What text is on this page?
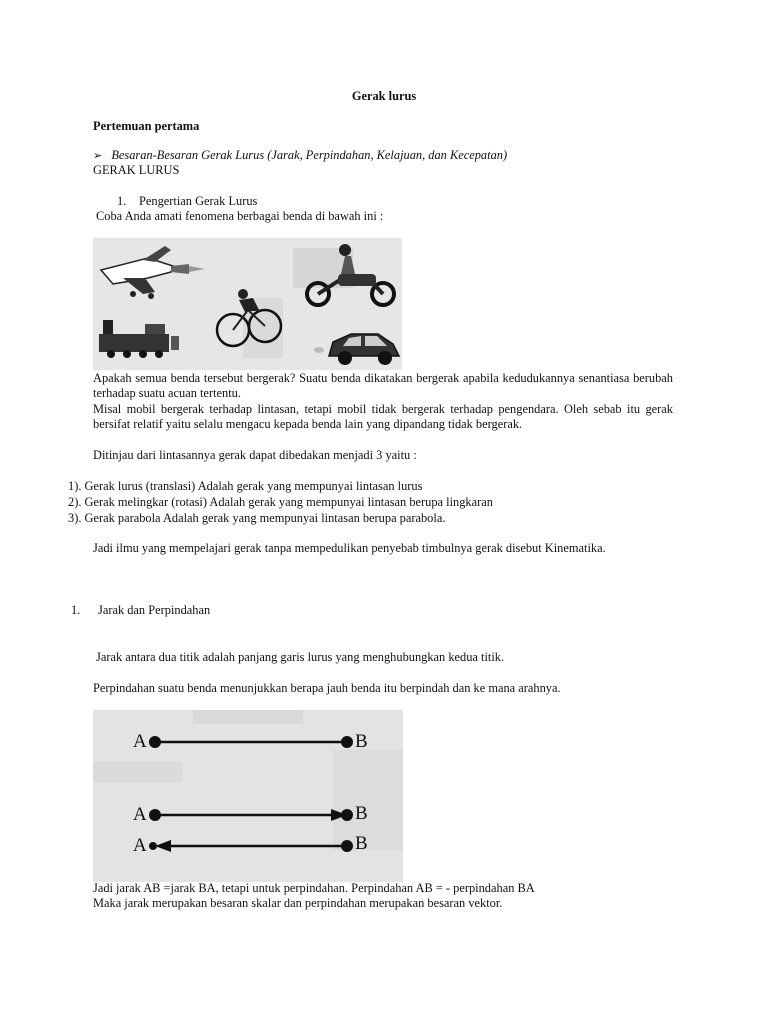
Gerak lurus
Pertemuan pertama
➢ Besaran-Besaran Gerak Lurus (Jarak, Perpindahan, Kelajuan, dan Kecepatan)
GERAK LURUS
1. Pengertian Gerak Lurus
Coba Anda amati fenomena berbagai benda di bawah ini :
Apakah semua benda tersebut bergerak? Suatu benda dikatakan bergerak apabila kedudukannya senantiasa berubah terhadap suatu acuan tertentu.
Misal mobil bergerak terhadap lintasan, tetapi mobil tidak bergerak terhadap pengendara. Oleh sebab itu gerak bersifat relatif yaitu selalu mengacu kepada benda lain yang dipandang tidak bergerak.
Ditinjau dari lintasannya gerak dapat dibedakan menjadi 3 yaitu :
1). Gerak lurus (translasi) Adalah gerak yang mempunyai lintasan lurus
2). Gerak melingkar (rotasi) Adalah gerak yang mempunyai lintasan berupa lingkaran
3). Gerak parabola Adalah gerak yang mempunyai lintasan berupa parabola.
Jadi ilmu yang mempelajari gerak tanpa mempedulikan penyebab timbulnya gerak disebut Kinematika.
1. Jarak dan Perpindahan
Jarak antara dua titik adalah panjang garis lurus yang menghubungkan kedua titik.
Perpindahan suatu benda menunjukkan berapa jauh benda itu berpindah dan ke mana arahnya.
A	B
A	B
A	B
Jadi jarak AB =jarak BA, tetapi untuk perpindahan. Perpindahan AB = - perpindahan BA
Maka jarak merupakan besaran skalar dan perpindahan merupakan besaran vektor.
